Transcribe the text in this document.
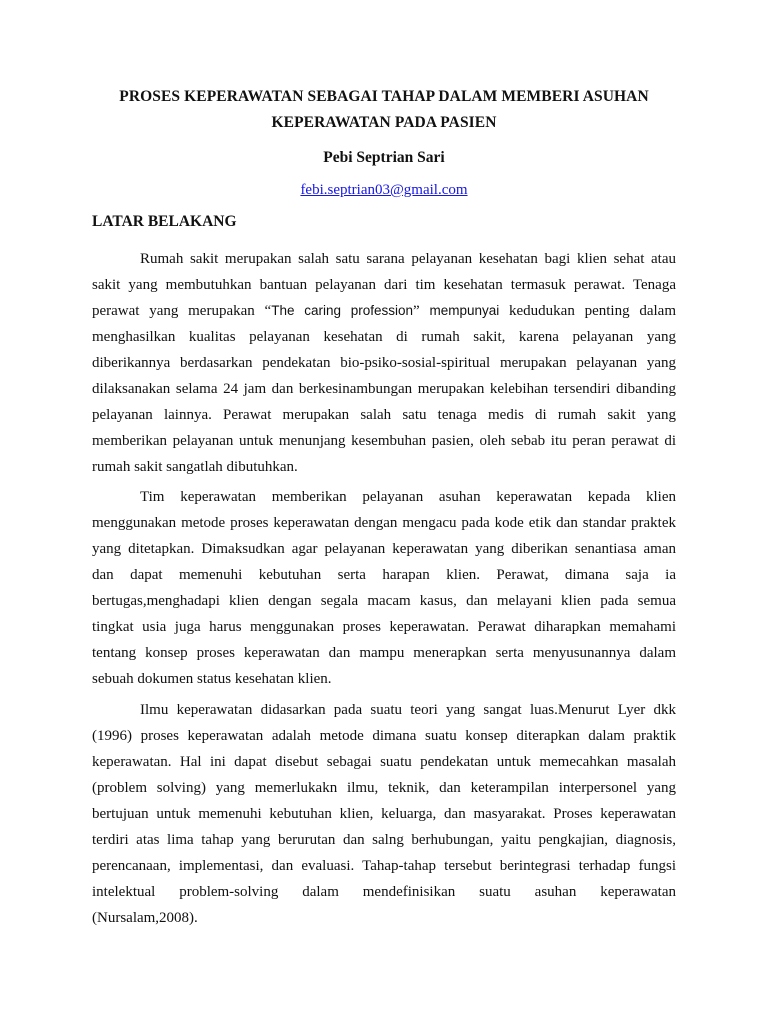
PROSES KEPERAWATAN SEBAGAI TAHAP DALAM MEMBERI ASUHAN
KEPERAWATAN PADA PASIEN
Pebi Septrian Sari
febi.septrian03@gmail.com
LATAR BELAKANG
Rumah sakit merupakan salah satu sarana pelayanan kesehatan bagi klien sehat atau
sakit yang membutuhkan bantuan pelayanan dari tim kesehatan termasuk perawat. Tenaga
perawat yang merupakan “The caring profession” mempunyai kedudukan penting dalam
menghasilkan kualitas pelayanan kesehatan di rumah sakit, karena pelayanan yang
diberikannya berdasarkan pendekatan bio-psiko-sosial-spiritual merupakan pelayanan yang
dilaksanakan selama 24 jam dan berkesinambungan merupakan kelebihan tersendiri dibanding
pelayanan lainnya. Perawat merupakan salah satu tenaga medis di rumah sakit yang
memberikan pelayanan untuk menunjang kesembuhan pasien, oleh sebab itu peran perawat di
rumah sakit sangatlah dibutuhkan.
Tim keperawatan memberikan pelayanan asuhan keperawatan kepada klien
menggunakan metode proses keperawatan dengan mengacu pada kode etik dan standar praktek
yang ditetapkan. Dimaksudkan agar pelayanan keperawatan yang diberikan senantiasa aman
dan dapat memenuhi kebutuhan serta harapan klien. Perawat, dimana saja ia
bertugas,menghadapi klien dengan segala macam kasus, dan melayani klien pada semua
tingkat usia juga harus menggunakan proses keperawatan. Perawat diharapkan memahami
tentang konsep proses keperawatan dan mampu menerapkan serta menyusunannya dalam
sebuah dokumen status kesehatan klien.
Ilmu keperawatan didasarkan pada suatu teori yang sangat luas.Menurut Lyer dkk
(1996) proses keperawatan adalah metode dimana suatu konsep diterapkan dalam praktik
keperawatan. Hal ini dapat disebut sebagai suatu pendekatan untuk memecahkan masalah
(problem solving) yang memerlukakn ilmu, teknik, dan keterampilan interpersonel yang
bertujuan untuk memenuhi kebutuhan klien, keluarga, dan masyarakat. Proses keperawatan
terdiri atas lima tahap yang berurutan dan salng berhubungan, yaitu pengkajian, diagnosis,
perencanaan, implementasi, dan evaluasi. Tahap-tahap tersebut berintegrasi terhadap fungsi
intelektual problem-solving dalam mendefinisikan suatu asuhan keperawatan
(Nursalam,2008).
